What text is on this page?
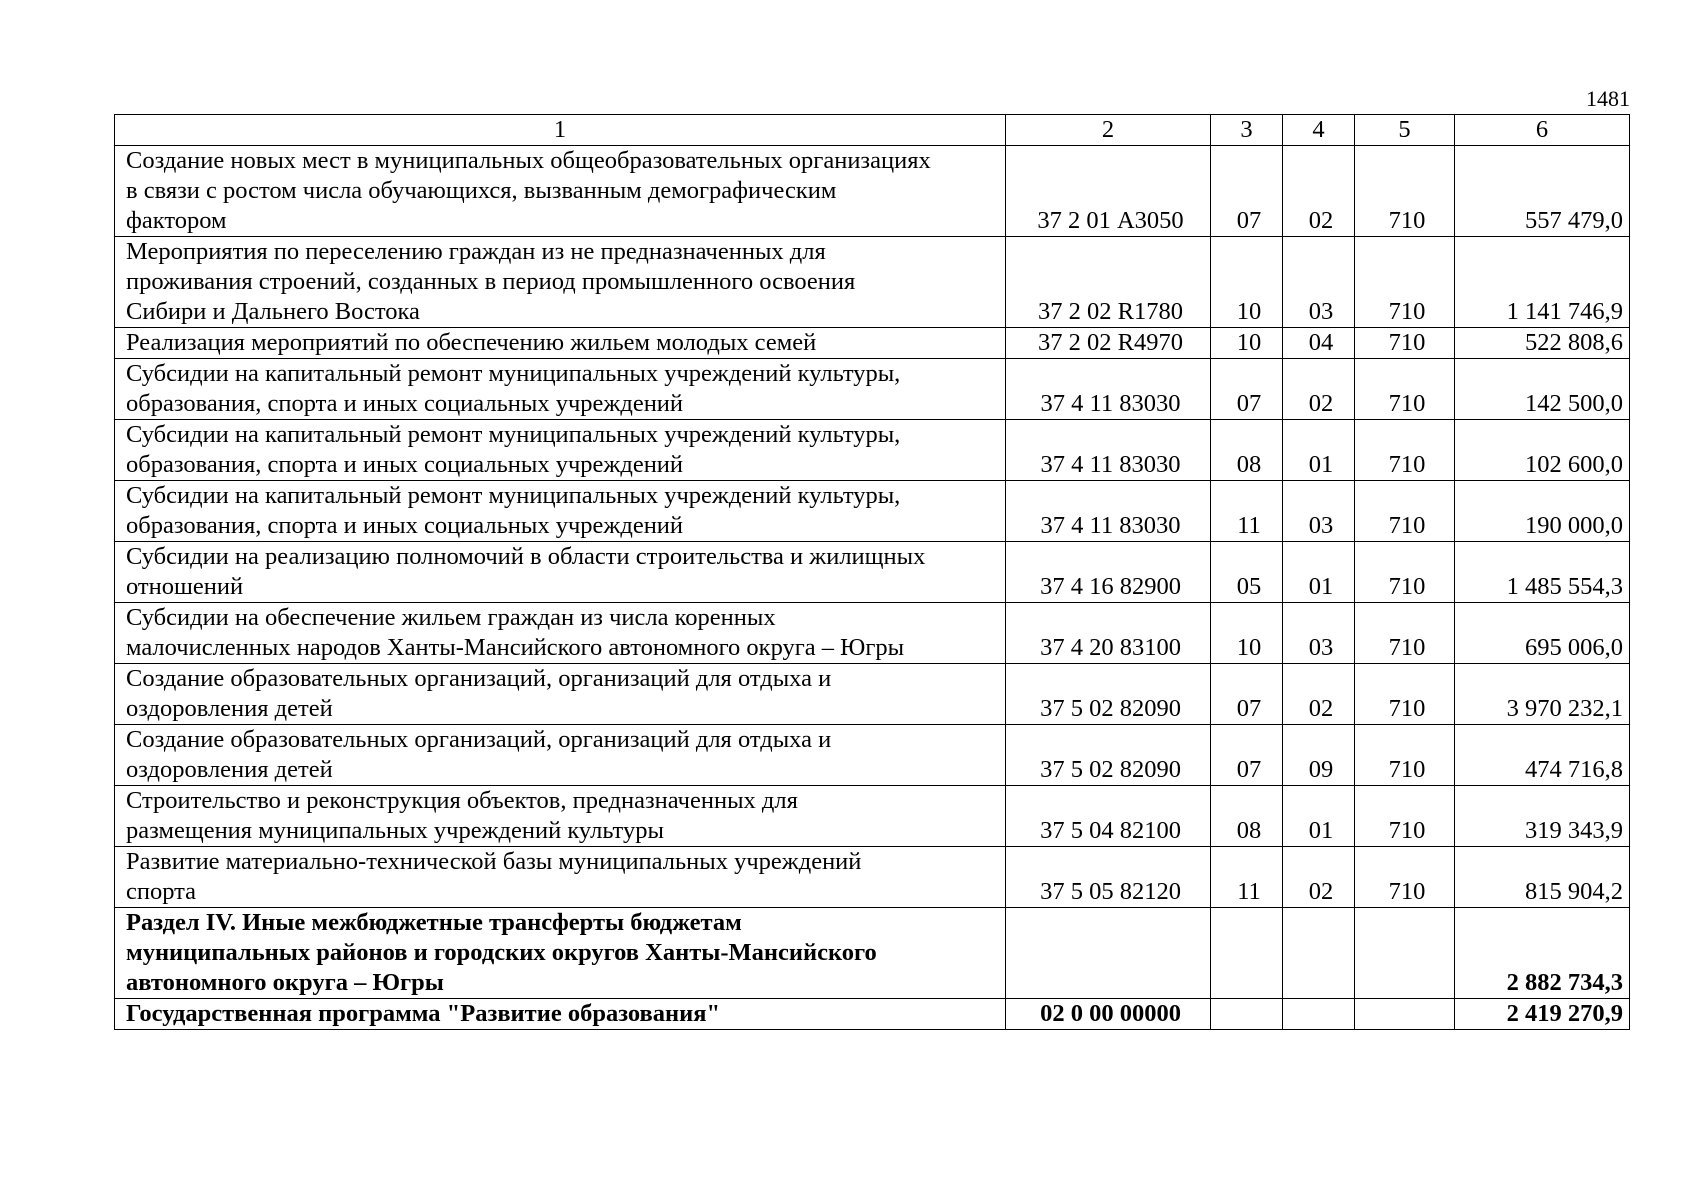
1481
1	2	3	4	5	6

Создание новых мест в муниципальных общеобразовательных организациях
в связи с ростом числа обучающихся, вызванным демографическим
фактором	37 2 01 А3050	07	02	710	557 479,0

Мероприятия по переселению граждан из не предназначенных для
проживания строений, созданных в период промышленного освоения
Сибири и Дальнего Востока	37 2 02 R1780	10	03	710	1 141 746,9

Реализация мероприятий по обеспечению жильем молодых семей	37 2 02 R4970	10	04	710	522 808,6

Субсидии на капитальный ремонт муниципальных учреждений культуры,
образования, спорта и иных социальных учреждений	37 4 11 83030	07	02	710	142 500,0

Субсидии на капитальный ремонт муниципальных учреждений культуры,
образования, спорта и иных социальных учреждений	37 4 11 83030	08	01	710	102 600,0

Субсидии на капитальный ремонт муниципальных учреждений культуры,
образования, спорта и иных социальных учреждений	37 4 11 83030	11	03	710	190 000,0

Субсидии на реализацию полномочий в области строительства и жилищных
отношений	37 4 16 82900	05	01	710	1 485 554,3

Субсидии на обеспечение жильем граждан из числа коренных
малочисленных народов Ханты-Мансийского автономного округа – Югры	37 4 20 83100	10	03	710	695 006,0

Создание образовательных организаций, организаций для отдыха и
оздоровления детей	37 5 02 82090	07	02	710	3 970 232,1

Создание образовательных организаций, организаций для отдыха и
оздоровления детей	37 5 02 82090	07	09	710	474 716,8

Строительство и реконструкция объектов, предназначенных для
размещения муниципальных учреждений культуры	37 5 04 82100	08	01	710	319 343,9

Развитие материально-технической базы муниципальных учреждений
спорта	37 5 05 82120	11	02	710	815 904,2

Раздел IV. Иные межбюджетные трансферты бюджетам
муниципальных районов и городских округов Ханты-Мансийского
автономного округа – Югры					2 882 734,3

Государственная программа "Развитие образования"	02 0 00 00000				2 419 270,9
